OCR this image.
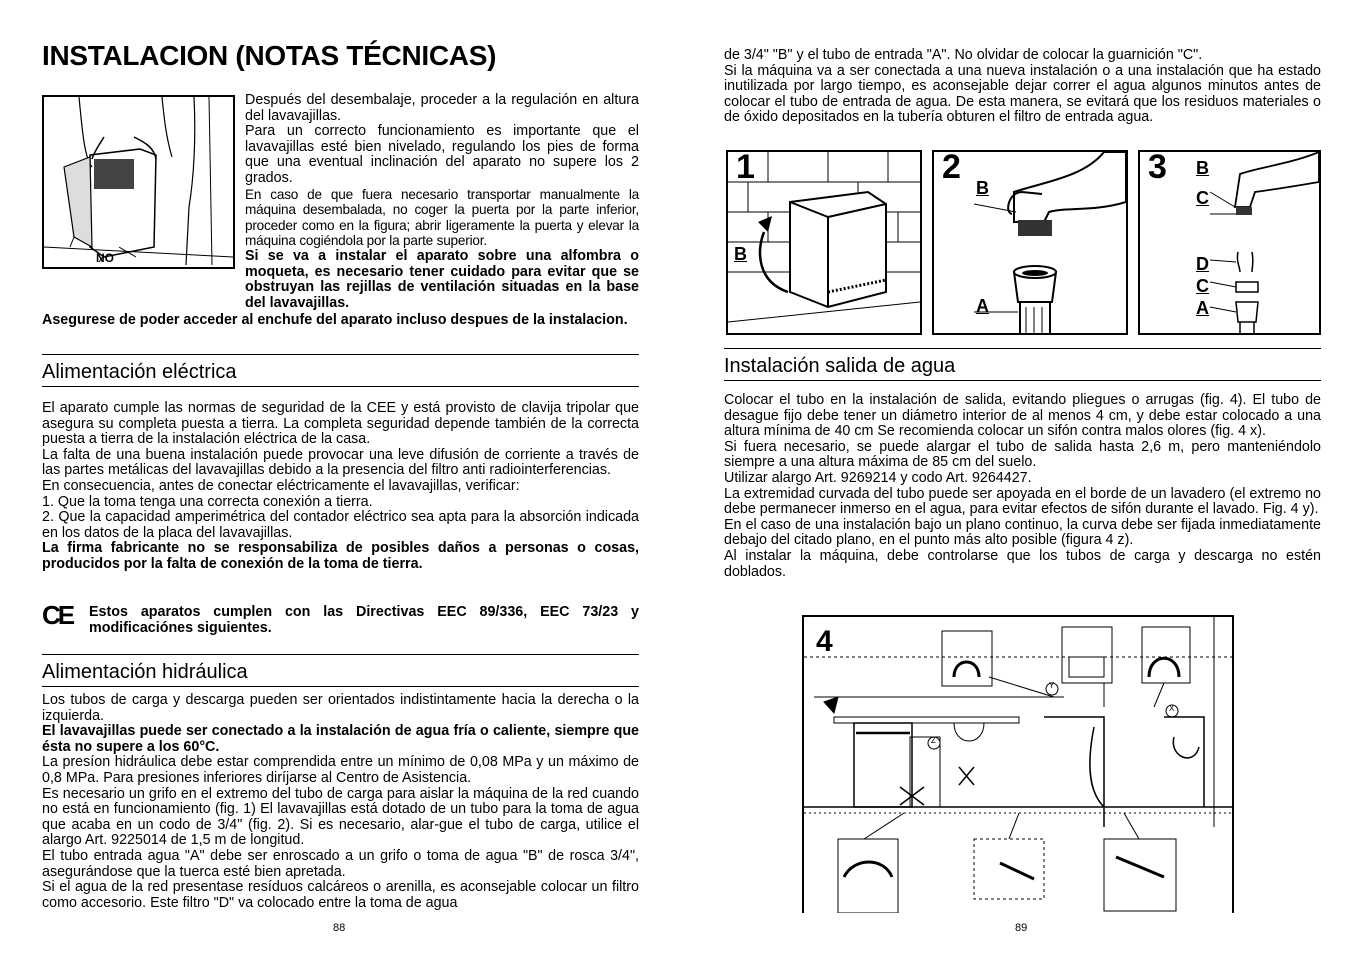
INSTALACION (NOTAS TÉCNICAS)
NO

Después del desembalaje, proceder a la regulación en altura del lavavajillas.

Para un correcto funcionamiento es importante que el lavavajillas esté bien nivelado, regulando los pies de forma que una eventual inclinación del aparato no supere los 2 grados.

En caso de que fuera necesario transportar manualmente la máquina desembalada, no coger la puerta por la parte inferior, proceder como en la figura; abrir ligeramente la puerta y elevar la máquina cogiéndola por la parte superior.

Si se va a instalar el aparato sobre una alfombra o moqueta, es necesario tener cuidado para evitar que se obstruyan las rejillas de ventilación situadas en la base del lavavajillas.

Asegurese de poder acceder al enchufe del aparato incluso despues de la instalacion.

Alimentación eléctrica

El aparato cumple las normas de seguridad de la CEE y está provisto de clavija tripolar que asegura su completa puesta a tierra. La completa seguridad depende también de la correcta puesta a tierra de la instalación eléctrica de la casa.

La falta de una buena instalación puede provocar una leve difusión de corriente a través de las partes metálicas del lavavajillas debido a la presencia del filtro anti radiointerferencias.

En consecuencia, antes de conectar eléctricamente el lavavajillas, verificar:

1. Que la toma tenga una correcta conexión a tierra.

2. Que la capacidad amperimétrica del contador eléctrico sea apta para la absorción indicada en los datos de la placa del lavavajillas.

La firma fabricante no se responsabiliza de posibles daños a personas o cosas, producidos por la falta de conexión de la toma de tierra.

CE	Estos aparatos cumplen con las Directivas EEC 89/336, EEC 73/23 y modificaciónes siguientes.

Alimentación hidráulica

Los tubos de carga y descarga pueden ser orientados indistintamente hacia la derecha o la izquierda.

El lavavajillas puede ser conectado a la instalación de agua fría o caliente, siempre que ésta no supere a los 60°C.

La presíon hidráulica debe estar comprendida entre un mínimo de 0,08 MPa y un máximo de 0,8 MPa. Para presiones inferiores diríjarse al Centro de Asistencia.

Es necesario un grifo en el extremo del tubo de carga para aislar la máquina de la red cuando no está en funcionamiento (fig. 1) El lavavajillas está dotado de un tubo para la toma de agua que acaba en un codo de 3/4" (fig. 2). Si es necesario, alar-gue el tubo de carga, utilice el alargo Art. 9225014 de 1,5 m de longitud.

El tubo entrada agua "A" debe ser enroscado a un grifo o toma de agua "B" de rosca 3/4", asegurándose que la tuerca esté bien apretada.

Si el agua de la red presentase resíduos calcáreos o arenilla, es aconsejable colocar un filtro como accesorio. Este filtro "D" va colocado entre la toma de agua

88

de 3/4" "B" y el tubo de entrada "A". No olvidar de colocar la guarnición "C".

Si la máquina va a ser conectada a una nueva instalación o a una instalación que ha estado inutilizada por largo tiempo, es aconsejable dejar correr el agua algunos minutos antes de colocar el tubo de entrada de agua. De esta manera, se evitará que los residuos materiales o de óxido depositados en la tubería obturen el filtro de entrada agua.

1
B
2
B
A
3 B
C
D
C
A
Instalación salida de agua

Colocar el tubo en la instalación de salida, evitando pliegues o arrugas (fig. 4). El tubo de desague fijo debe tener un diámetro interior de al menos 4 cm, y debe estar colocado a una altura mínima de 40 cm Se recomienda colocar un sifón contra malos olores (fig. 4 x).

Si fuera necesario, se puede alargar el tubo de salida hasta 2,6 m, pero manteniéndolo siempre a una altura máxima de 85 cm del suelo.

Utilizar alargo Art. 9269214 y codo Art. 9264427.

La extremidad curvada del tubo puede ser apoyada en el borde de un lavadero (el extremo no debe permanecer inmerso en el agua, para evitar efectos de sifón durante el lavado. Fig. 4 y).

En el caso de una instalación bajo un plano continuo, la curva debe ser fijada inmediatamente debajo del citado plano, en el punto más alto posible (figura 4 z).

Al instalar la máquina, debe controlarse que los tubos de carga y descarga no estén doblados.

4
Y
X
Z
89
